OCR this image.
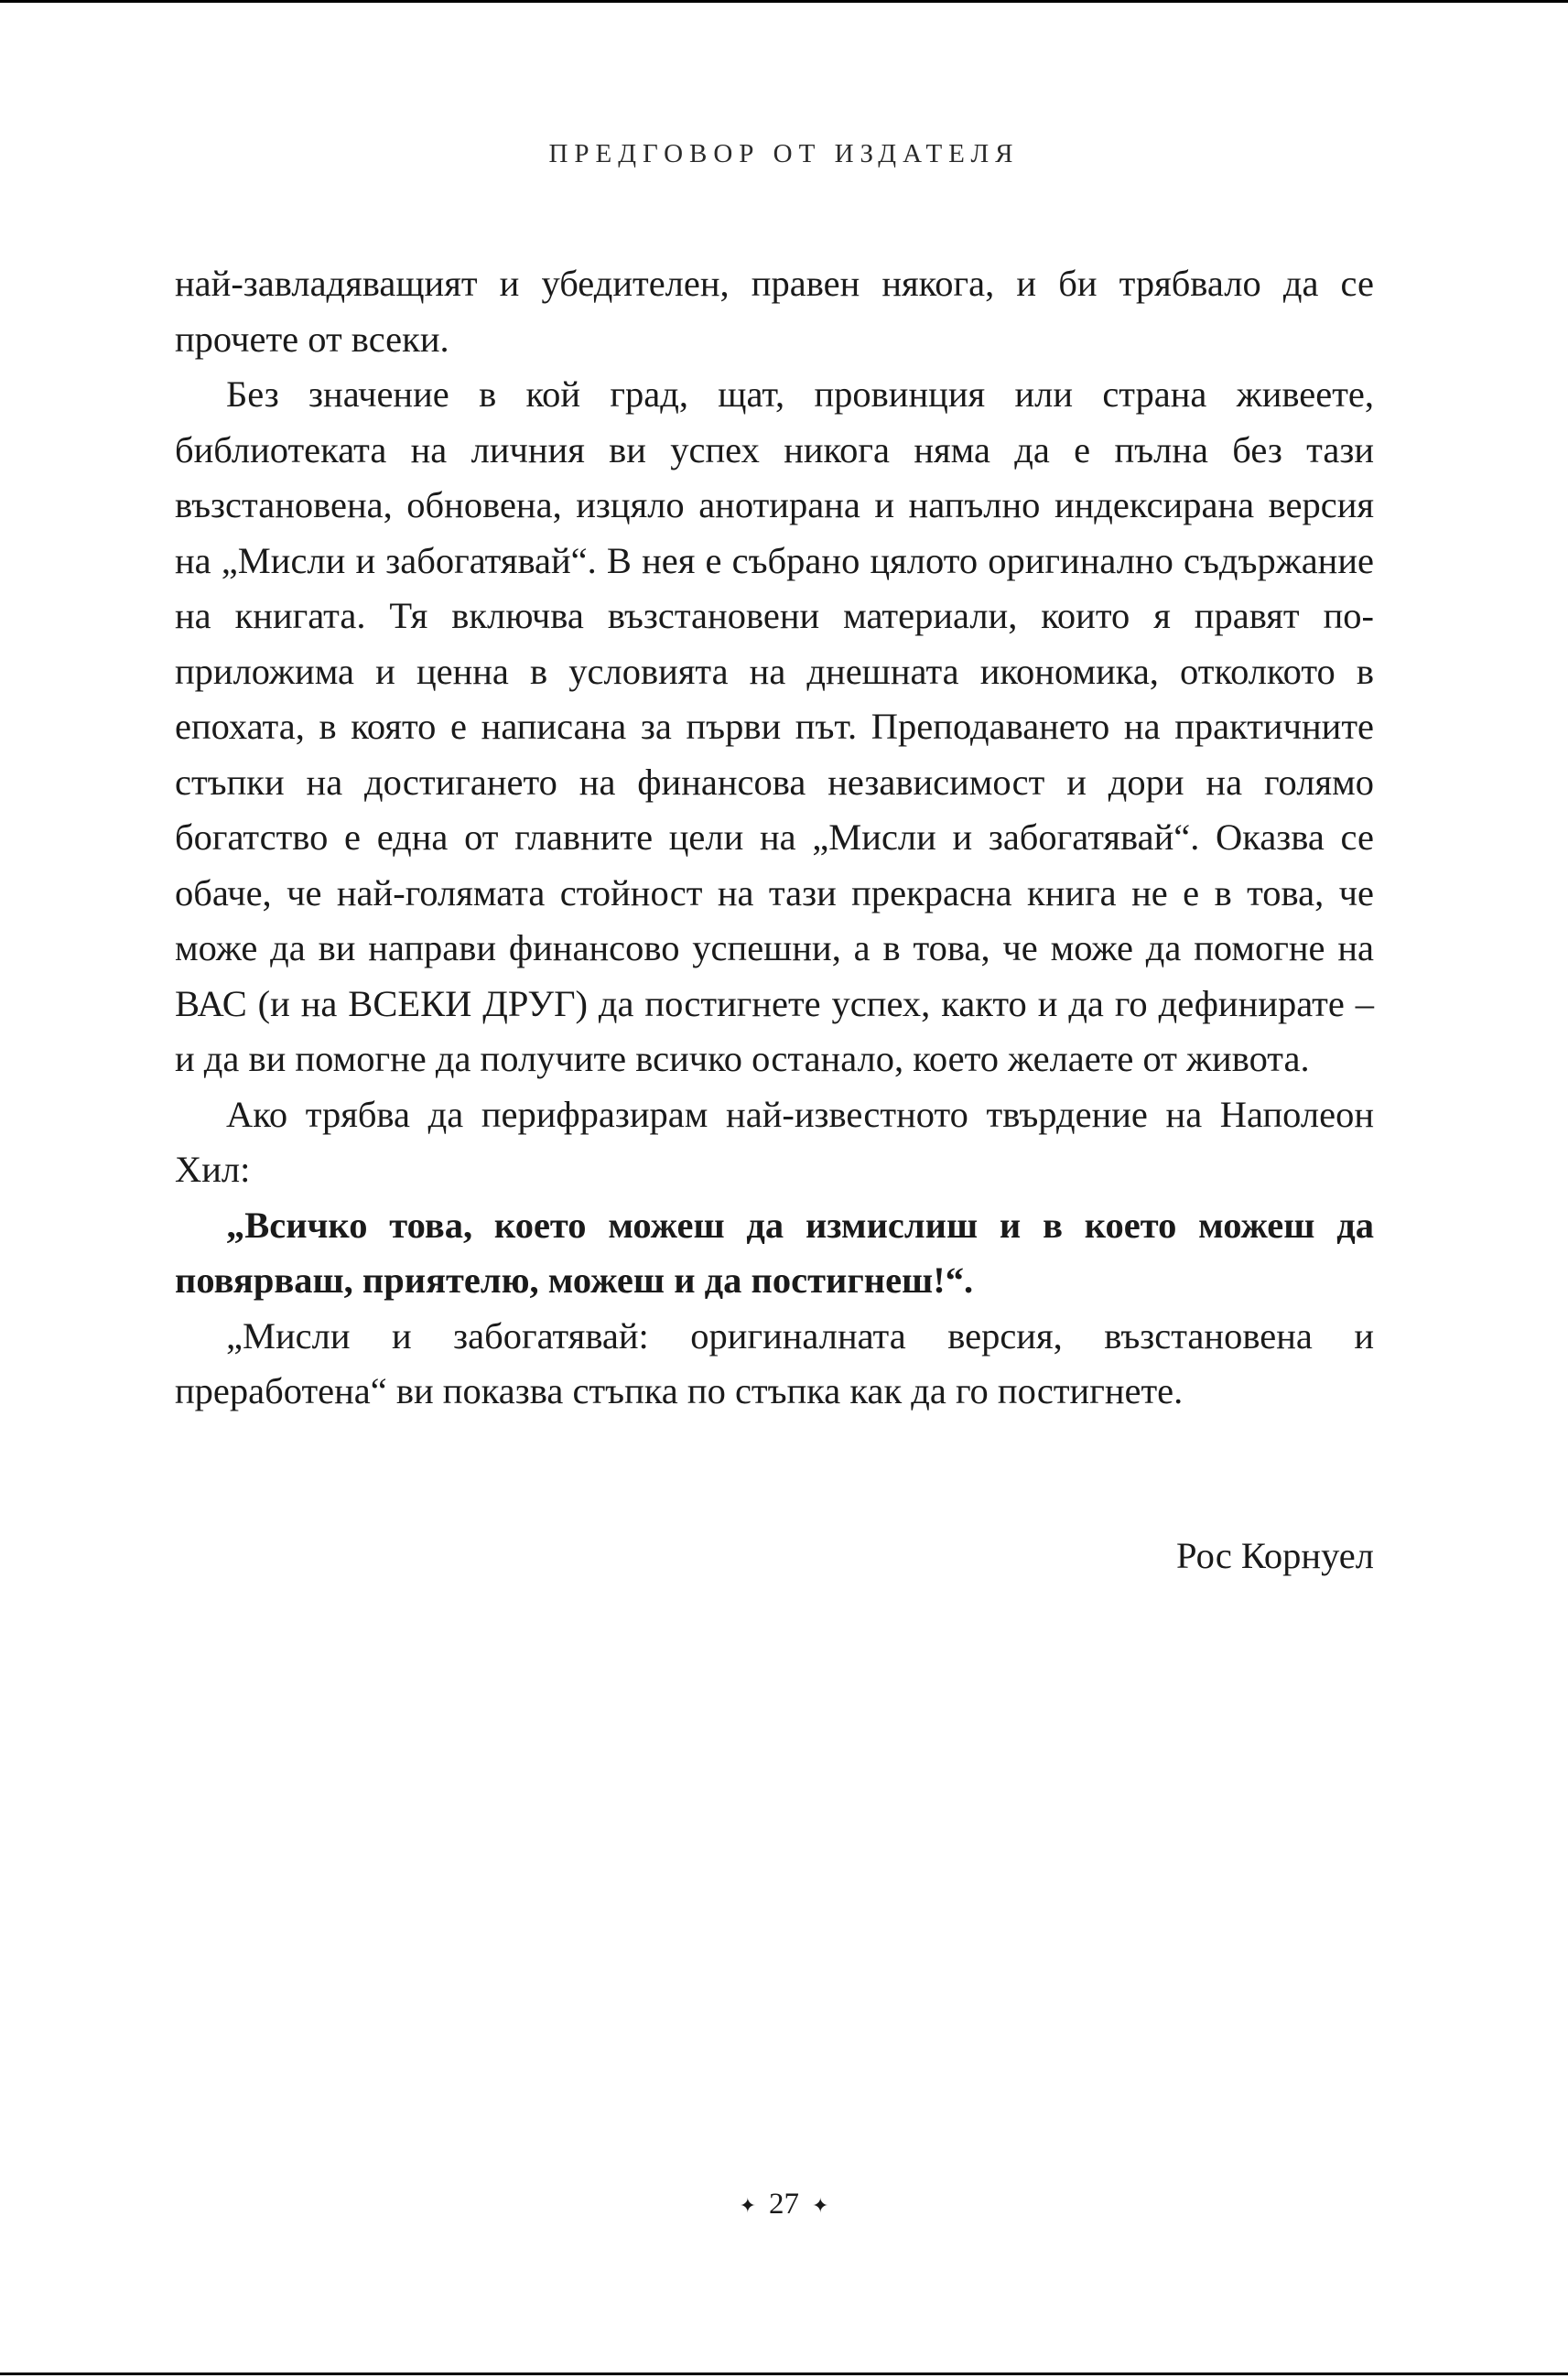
ПРЕДГОВОР ОТ ИЗДАТЕЛЯ

най-завладяващият и убедителен, правен някога, и би трябвало да се прочете от всеки.

Без значение в кой град, щат, провинция или страна живеете, библиотеката на личния ви успех никога няма да е пълна без тази възстановена, обновена, изцяло анотирана и напълно индексирана версия на „Мисли и забогатявай“. В нея е събрано цялото оригинално съдържание на книгата. Тя включва възстановени материали, които я правят по-приложима и ценна в условията на днешната икономика, отколкото в епохата, в която е написана за първи път. Преподаването на практичните стъпки на достигането на финансова независимост и дори на голямо богатство е една от главните цели на „Мисли и забогатявай“. Оказва се обаче, че най-голямата стойност на тази прекрасна книга не е в това, че може да ви направи финансово успешни, а в това, че може да помогне на ВАС (и на ВСЕКИ ДРУГ) да постигнете успех, както и да го дефинирате – и да ви помогне да получите всичко останало, което желаете от живота.

Ако трябва да перифразирам най-известното твърдение на Наполеон Хил:

„Всичко това, което можеш да измислиш и в което можеш да повярваш, приятелю, можеш и да постигнеш!“.

„Мисли и забогатявай: оригиналната версия, възстановена и преработена“ ви показва стъпка по стъпка как да го постигнете.

Рос Корнуел
✦ 27 ✦
